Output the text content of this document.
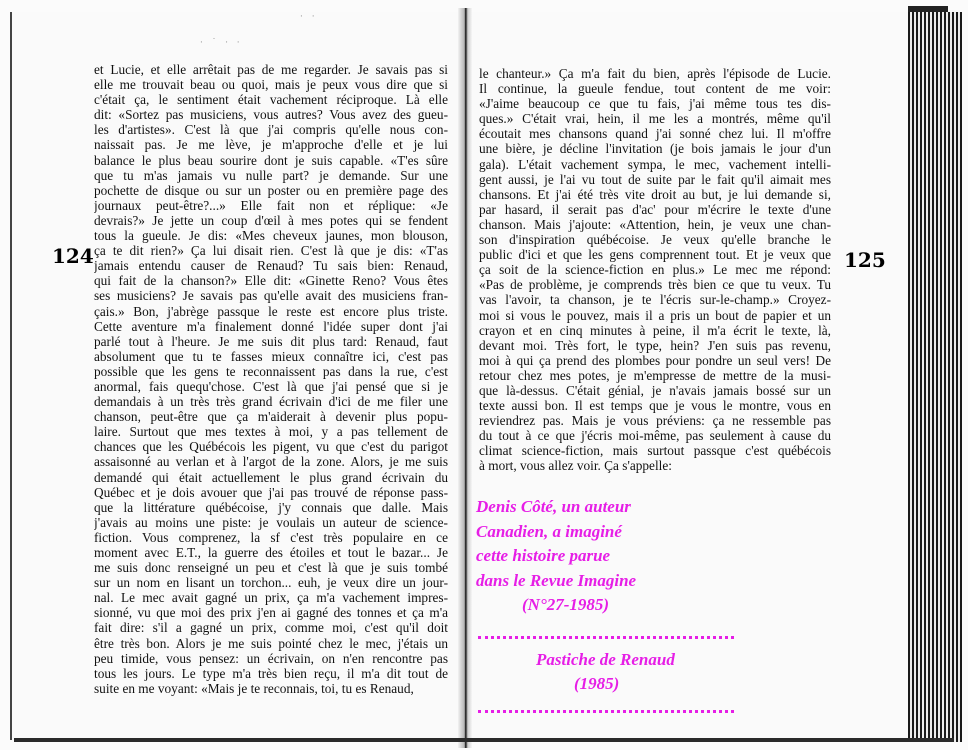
· ˙ · ·
· ·
124	125
et Lucie, et elle arrêtait pas de me regarder. Je savais pas si
elle me trouvait beau ou quoi, mais je peux vous dire que si
c'était ça, le sentiment était vachement réciproque. Là elle
dit: «Sortez pas musiciens, vous autres? Vous avez des gueu-
les d'artistes». C'est là que j'ai compris qu'elle nous con-
naissait pas. Je me lève, je m'approche d'elle et je lui
balance le plus beau sourire dont je suis capable. «T'es sûre
que tu m'as jamais vu nulle part? je demande. Sur une
pochette de disque ou sur un poster ou en première page des
journaux peut-être?...» Elle fait non et réplique: «Je
devrais?» Je jette un coup d'œil à mes potes qui se fendent
tous la gueule. Je dis: «Mes cheveux jaunes, mon blouson,
ça te dit rien?» Ça lui disait rien. C'est là que je dis: «T'as
jamais entendu causer de Renaud? Tu sais bien: Renaud,
qui fait de la chanson?» Elle dit: «Ginette Reno? Vous êtes
ses musiciens? Je savais pas qu'elle avait des musiciens fran-
çais.» Bon, j'abrège passque le reste est encore plus triste.
Cette aventure m'a finalement donné l'idée super dont j'ai
parlé tout à l'heure. Je me suis dit plus tard: Renaud, faut
absolument que tu te fasses mieux connaître ici, c'est pas
possible que les gens te reconnaissent pas dans la rue, c'est
anormal, fais quequ'chose. C'est là que j'ai pensé que si je
demandais à un très très grand écrivain d'ici de me filer une
chanson, peut-être que ça m'aiderait à devenir plus popu-
laire. Surtout que mes textes à moi, y a pas tellement de
chances que les Québécois les pigent, vu que c'est du parigot
assaisonné au verlan et à l'argot de la zone. Alors, je me suis
demandé qui était actuellement le plus grand écrivain du
Québec et je dois avouer que j'ai pas trouvé de réponse pass-
que la littérature québécoise, j'y connais que dalle. Mais
j'avais au moins une piste: je voulais un auteur de science-
fiction. Vous comprenez, la sf c'est très populaire en ce
moment avec E.T., la guerre des étoiles et tout le bazar... Je
me suis donc renseigné un peu et c'est là que je suis tombé
sur un nom en lisant un torchon... euh, je veux dire un jour-
nal. Le mec avait gagné un prix, ça m'a vachement impres-
sionné, vu que moi des prix j'en ai gagné des tonnes et ça m'a
fait dire: s'il a gagné un prix, comme moi, c'est qu'il doit
être très bon. Alors je me suis pointé chez le mec, j'étais un
peu timide, vous pensez: un écrivain, on n'en rencontre pas
tous les jours. Le type m'a très bien reçu, il m'a dit tout de
suite en me voyant: «Mais je te reconnais, toi, tu es Renaud,
le chanteur.» Ça m'a fait du bien, après l'épisode de Lucie.
Il continue, la gueule fendue, tout content de me voir:
«J'aime beaucoup ce que tu fais, j'ai même tous tes dis-
ques.» C'était vrai, hein, il me les a montrés, même qu'il
écoutait mes chansons quand j'ai sonné chez lui. Il m'offre
une bière, je décline l'invitation (je bois jamais le jour d'un
gala). L'était vachement sympa, le mec, vachement intelli-
gent aussi, je l'ai vu tout de suite par le fait qu'il aimait mes
chansons. Et j'ai été très vite droit au but, je lui demande si,
par hasard, il serait pas d'ac' pour m'écrire le texte d'une
chanson. Mais j'ajoute: «Attention, hein, je veux une chan-
son d'inspiration québécoise. Je veux qu'elle branche le
public d'ici et que les gens comprennent tout. Et je veux que
ça soit de la science-fiction en plus.» Le mec me répond:
«Pas de problème, je comprends très bien ce que tu veux. Tu
vas l'avoir, ta chanson, je te l'écris sur-le-champ.» Croyez-
moi si vous le pouvez, mais il a pris un bout de papier et un
crayon et en cinq minutes à peine, il m'a écrit le texte, là,
devant moi. Très fort, le type, hein? J'en suis pas revenu,
moi à qui ça prend des plombes pour pondre un seul vers! De
retour chez mes potes, je m'empresse de mettre de la musi-
que là-dessus. C'était génial, je n'avais jamais bossé sur un
texte aussi bon. Il est temps que je vous le montre, vous en
reviendrez pas. Mais je vous préviens: ça ne ressemble pas
du tout à ce que j'écris moi-même, pas seulement à cause du
climat science-fiction, mais surtout passque c'est québécois
à mort, vous allez voir. Ça s'appelle:
Denis Côté, un auteur
Canadien, a imaginé
cette histoire parue
dans le Revue Imagine
(N°27-1985)
Pastiche de Renaud
(1985)
